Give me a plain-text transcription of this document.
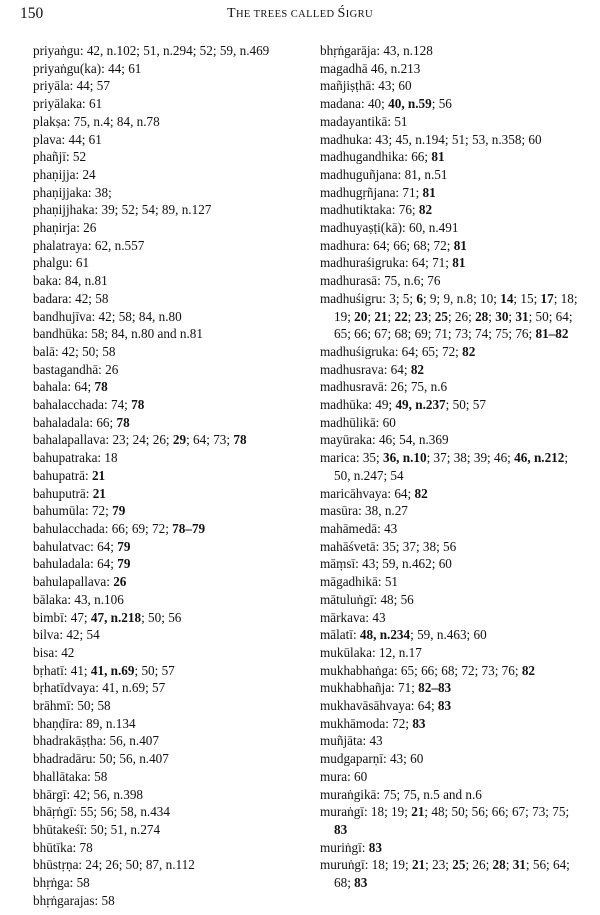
150	THE TREES CALLED ŚIGRU
priyaṅgu: 42, n.102; 51, n.294; 52; 59, n.469
priyaṅgu(ka): 44; 61
priyāla: 44; 57
priyālaka: 61
plakṣa: 75, n.4; 84, n.78
plava: 44; 61
phañjī: 52
phaṇijja: 24
phaṇijjaka: 38;
phaṇijjhaka: 39; 52; 54; 89, n.127
phaṇirja: 26
phalatraya: 62, n.557
phalgu: 61
baka: 84, n.81
badara: 42; 58
bandhujīva: 42; 58; 84, n.80
bandhūka: 58; 84, n.80 and n.81
balā: 42; 50; 58
bastagandhā: 26
bahala: 64; 78
bahalacchada: 74; 78
bahaladala: 66; 78
bahalapallava: 23; 24; 26; 29; 64; 73; 78
bahupatraka: 18
bahupatrā: 21
bahuputrā: 21
bahumūla: 72; 79
bahulacchada: 66; 69; 72; 78–79
bahulatvac: 64; 79
bahuladala: 64; 79
bahulapallava: 26
bālaka: 43, n.106
bimbī: 47; 47, n.218; 50; 56
bilva: 42; 54
bisa: 42
bṛhatī: 41; 41, n.69; 50; 57
bṛhatīdvaya: 41, n.69; 57
brāhmī: 50; 58
bhaṇḍīra: 89, n.134
bhadrakāṣṭha: 56, n.407
bhadradāru: 50; 56, n.407
bhallātaka: 58
bhārgī: 42; 56, n.398
bhāṛṅgī: 55; 56; 58, n.434
bhūtakeśī: 50; 51, n.274
bhūtīka: 78
bhūstṛṇa: 24; 26; 50; 87, n.112
bhṛṅga: 58
bhṛṅgarajas: 58
bhṛṅgarāja: 43, n.128
magadhā 46, n.213
mañjiṣṭhā: 43; 60
madana: 40; 40, n.59; 56
madayantikā: 51
madhuka: 43; 45, n.194; 51; 53, n.358; 60
madhugandhika: 66; 81
madhuguñjana: 81, n.51
madhugṛñjana: 71; 81
madhutiktaka: 76; 82
madhuyaṣṭi(kā): 60, n.491
madhura: 64; 66; 68; 72; 81
madhuraśigruka: 64; 71; 81
madhurasā: 75, n.6; 76
madhuśigru: 3; 5; 6; 9; 9, n.8; 10; 14; 15; 17; 18; 19; 20; 21; 22; 23; 25; 26; 28; 30; 31; 50; 64; 65; 66; 67; 68; 69; 71; 73; 74; 75; 76; 81–82
madhuśigruka: 64; 65; 72; 82
madhusrava: 64; 82
madhusravā: 26; 75, n.6
madhūka: 49; 49, n.237; 50; 57
madhūlikā: 60
mayūraka: 46; 54, n.369
marica: 35; 36, n.10; 37; 38; 39; 46; 46, n.212; 50, n.247; 54
maricāhvaya: 64; 82
masūra: 38, n.27
mahāmedā: 43
mahāśvetā: 35; 37; 38; 56
māṃsī: 43; 59, n.462; 60
māgadhikā: 51
mātuluṅgī: 48; 56
mārkava: 43
mālatī: 48, n.234; 59, n.463; 60
mukūlaka: 12, n.17
mukhabhaṅga: 65; 66; 68; 72; 73; 76; 82
mukhabhañja: 71; 82–83
mukhavāsāhvaya: 64; 83
mukhāmoda: 72; 83
muñjāta: 43
mudgaparṇī: 43; 60
mura: 60
muraṅgikā: 75; 75, n.5 and n.6
muraṅgī: 18; 19; 21; 48; 50; 56; 66; 67; 73; 75; 83
muriṅgī: 83
muruṅgī: 18; 19; 21; 23; 25; 26; 28; 31; 56; 64; 68; 83
